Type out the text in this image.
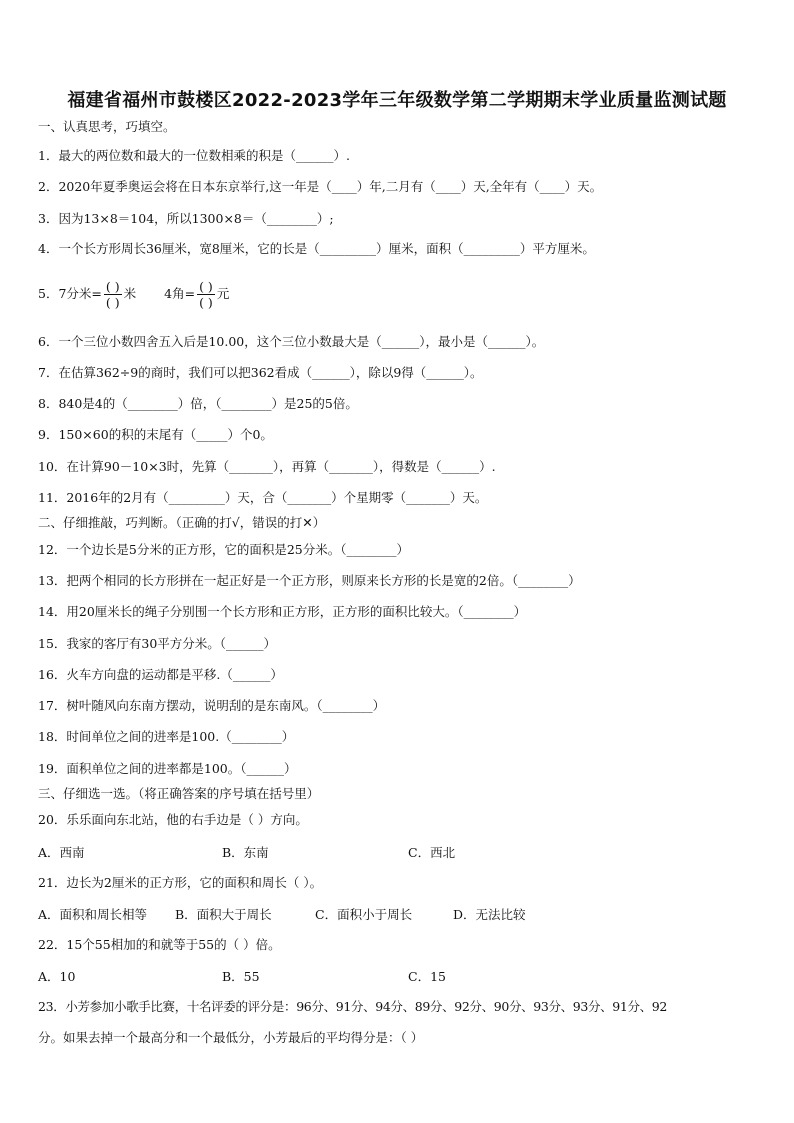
福建省福州市鼓楼区2022-2023学年三年级数学第二学期期末学业质量监测试题
一、认真思考，巧填空。
1．最大的两位数和最大的一位数相乘的积是（______）.
2．2020年夏季奥运会将在日本东京举行,这一年是（____）年,二月有（____）天,全年有（____）天。
3．因为13×8＝104，所以1300×8＝（________）;
4．一个长方形周长36厘米，宽8厘米，它的长是（_________）厘米，面积（_________）平方厘米。
5．7分米= $\frac{( )}{( )}$ 米 4角= $\frac{( )}{( )}$ 元
6．一个三位小数四舍五入后是10.00，这个三位小数最大是（______），最小是（______）。
7．在估算362÷9的商时，我们可以把362看成（______），除以9得（______）。
8．840是4的（________）倍，（________）是25的5倍。
9．150×60的积的末尾有（_____）个0。
10．在计算90－10×3时，先算（_______），再算（_______），得数是（______）.
11．2016年的2月有（_________）天，合（_______）个星期零（_______）天。
二、仔细推敲，巧判断。（正确的打√，错误的打✕）
12．一个边长是5分米的正方形，它的面积是25分米。（________）
13．把两个相同的长方形拼在一起正好是一个正方形，则原来长方形的长是宽的2倍。（________）
14．用20厘米长的绳子分别围一个长方形和正方形，正方形的面积比较大。（________）
15．我家的客厅有30平方分米。（______）
16．火车方向盘的运动都是平移.（______）
17．树叶随风向东南方摆动，说明刮的是东南风。（________）
18．时间单位之间的进率是100.（________）
19．面积单位之间的进率都是100。（______）
三、仔细选一选。（将正确答案的序号填在括号里）
20．乐乐面向东北站，他的右手边是（ ）方向。
A．西南	B．东南	C．西北
21．边长为2厘米的正方形，它的面积和周长（ ）。
A．面积和周长相等 B．面积大于周长	C．面积小于周长	D．无法比较
22．15个55相加的和就等于55的（ ）倍。
A．10	B．55	C．15
23．小芳参加小歌手比赛，十名评委的评分是：96分、91分、94分、89分、92分、90分、93分、93分、91分、92
分。如果去掉一个最高分和一个最低分，小芳最后的平均得分是：（ ）
